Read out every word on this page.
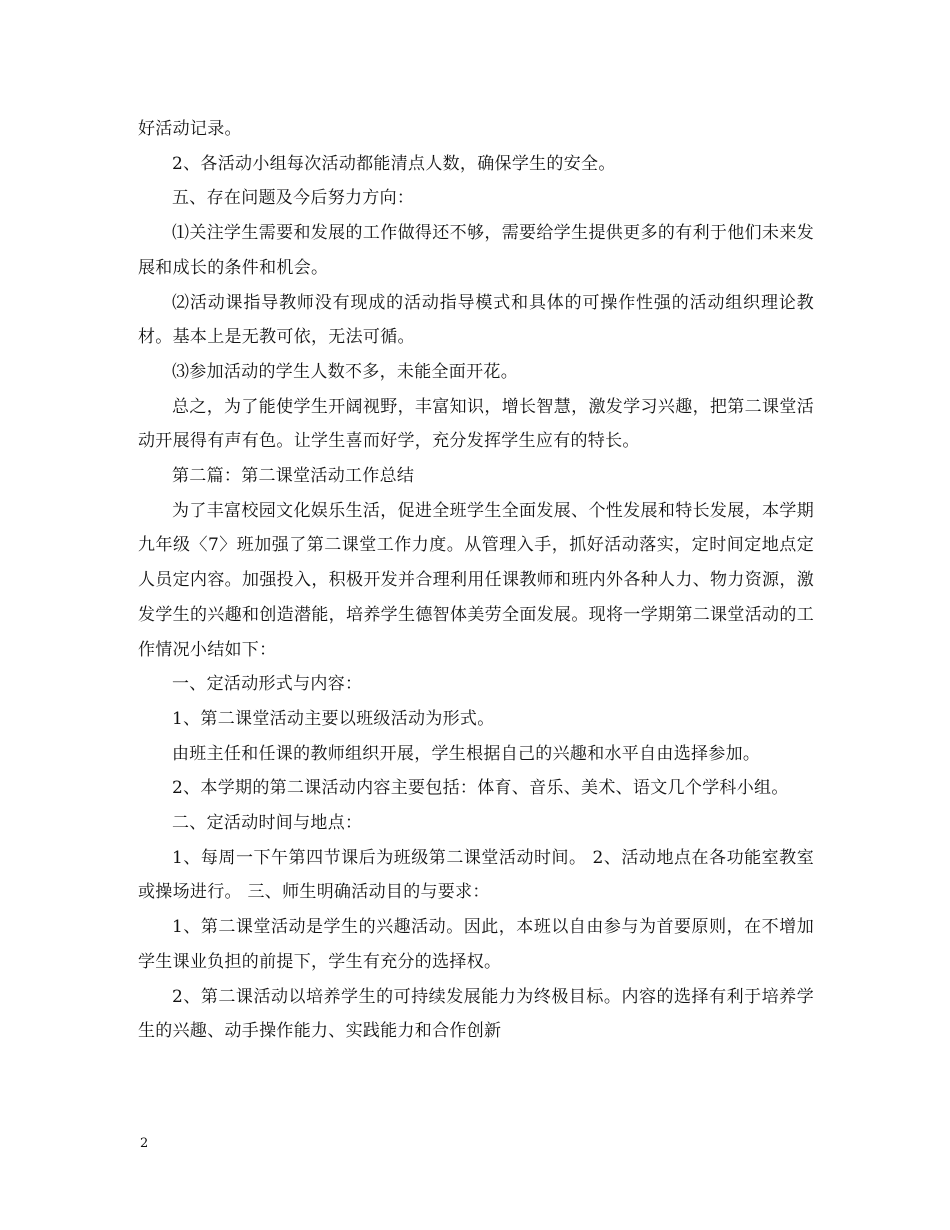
好活动记录。

2、各活动小组每次活动都能清点人数，确保学生的安全。

五、存在问题及今后努力方向：

⑴关注学生需要和发展的工作做得还不够，需要给学生提供更多的有利于他们未来发展和成长的条件和机会。

⑵活动课指导教师没有现成的活动指导模式和具体的可操作性强的活动组织理论教材。基本上是无教可依，无法可循。

⑶参加活动的学生人数不多，未能全面开花。

总之，为了能使学生开阔视野，丰富知识，增长智慧，激发学习兴趣，把第二课堂活动开展得有声有色。让学生喜而好学，充分发挥学生应有的特长。

第二篇：第二课堂活动工作总结

为了丰富校园文化娱乐生活，促进全班学生全面发展、个性发展和特长发展，本学期九年级〈7〉班加强了第二课堂工作力度。从管理入手，抓好活动落实，定时间定地点定人员定内容。加强投入，积极开发并合理利用任课教师和班内外各种人力、物力资源，激发学生的兴趣和创造潜能，培养学生德智体美劳全面发展。现将一学期第二课堂活动的工作情况小结如下：

一、定活动形式与内容：

1、第二课堂活动主要以班级活动为形式。

由班主任和任课的教师组织开展，学生根据自己的兴趣和水平自由选择参加。

2、本学期的第二课活动内容主要包括：体育、音乐、美术、语文几个学科小组。

二、定活动时间与地点：

1、每周一下午第四节课后为班级第二课堂活动时间。 2、活动地点在各功能室教室或操场进行。 三、师生明确活动目的与要求：

1、第二课堂活动是学生的兴趣活动。因此，本班以自由参与为首要原则，在不增加学生课业负担的前提下，学生有充分的选择权。

2、第二课活动以培养学生的可持续发展能力为终极目标。内容的选择有利于培养学生的兴趣、动手操作能力、实践能力和合作创新

2
